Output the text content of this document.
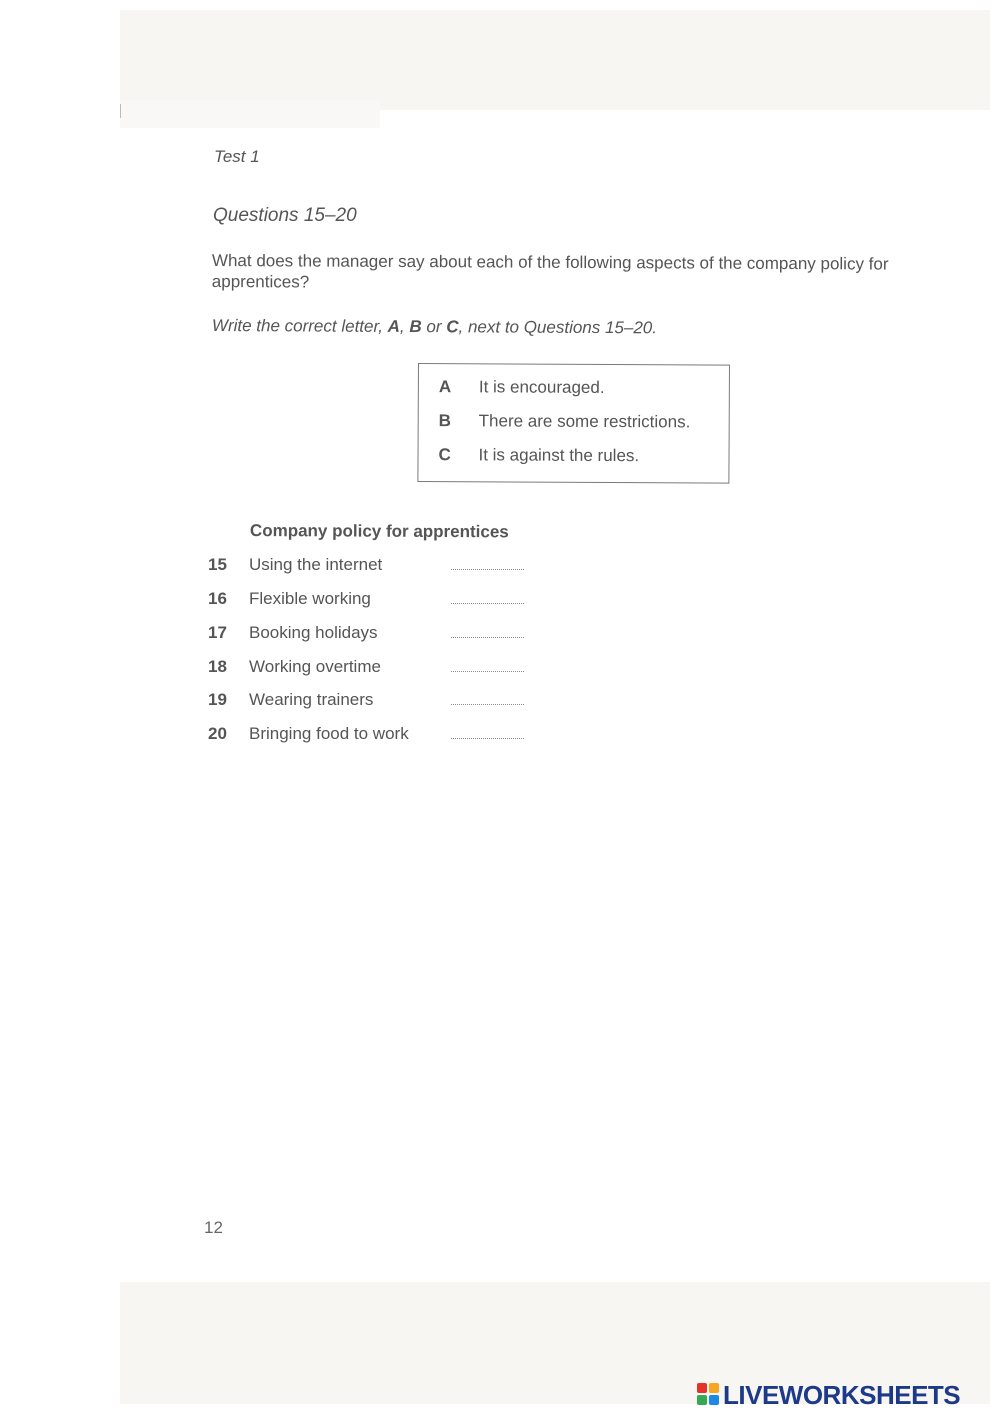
Test 1
Questions 15–20
What does the manager say about each of the following aspects of the company policy for apprentices?
Write the correct letter, A, B or C, next to Questions 15–20.
A It is encouraged.
B There are some restrictions.
C It is against the rules.
Company policy for apprentices
15	Using the internet
16	Flexible working
17	Booking holidays
18	Working overtime
19	Wearing trainers
20	Bringing food to work
12
LIVEWORKSHEETS
